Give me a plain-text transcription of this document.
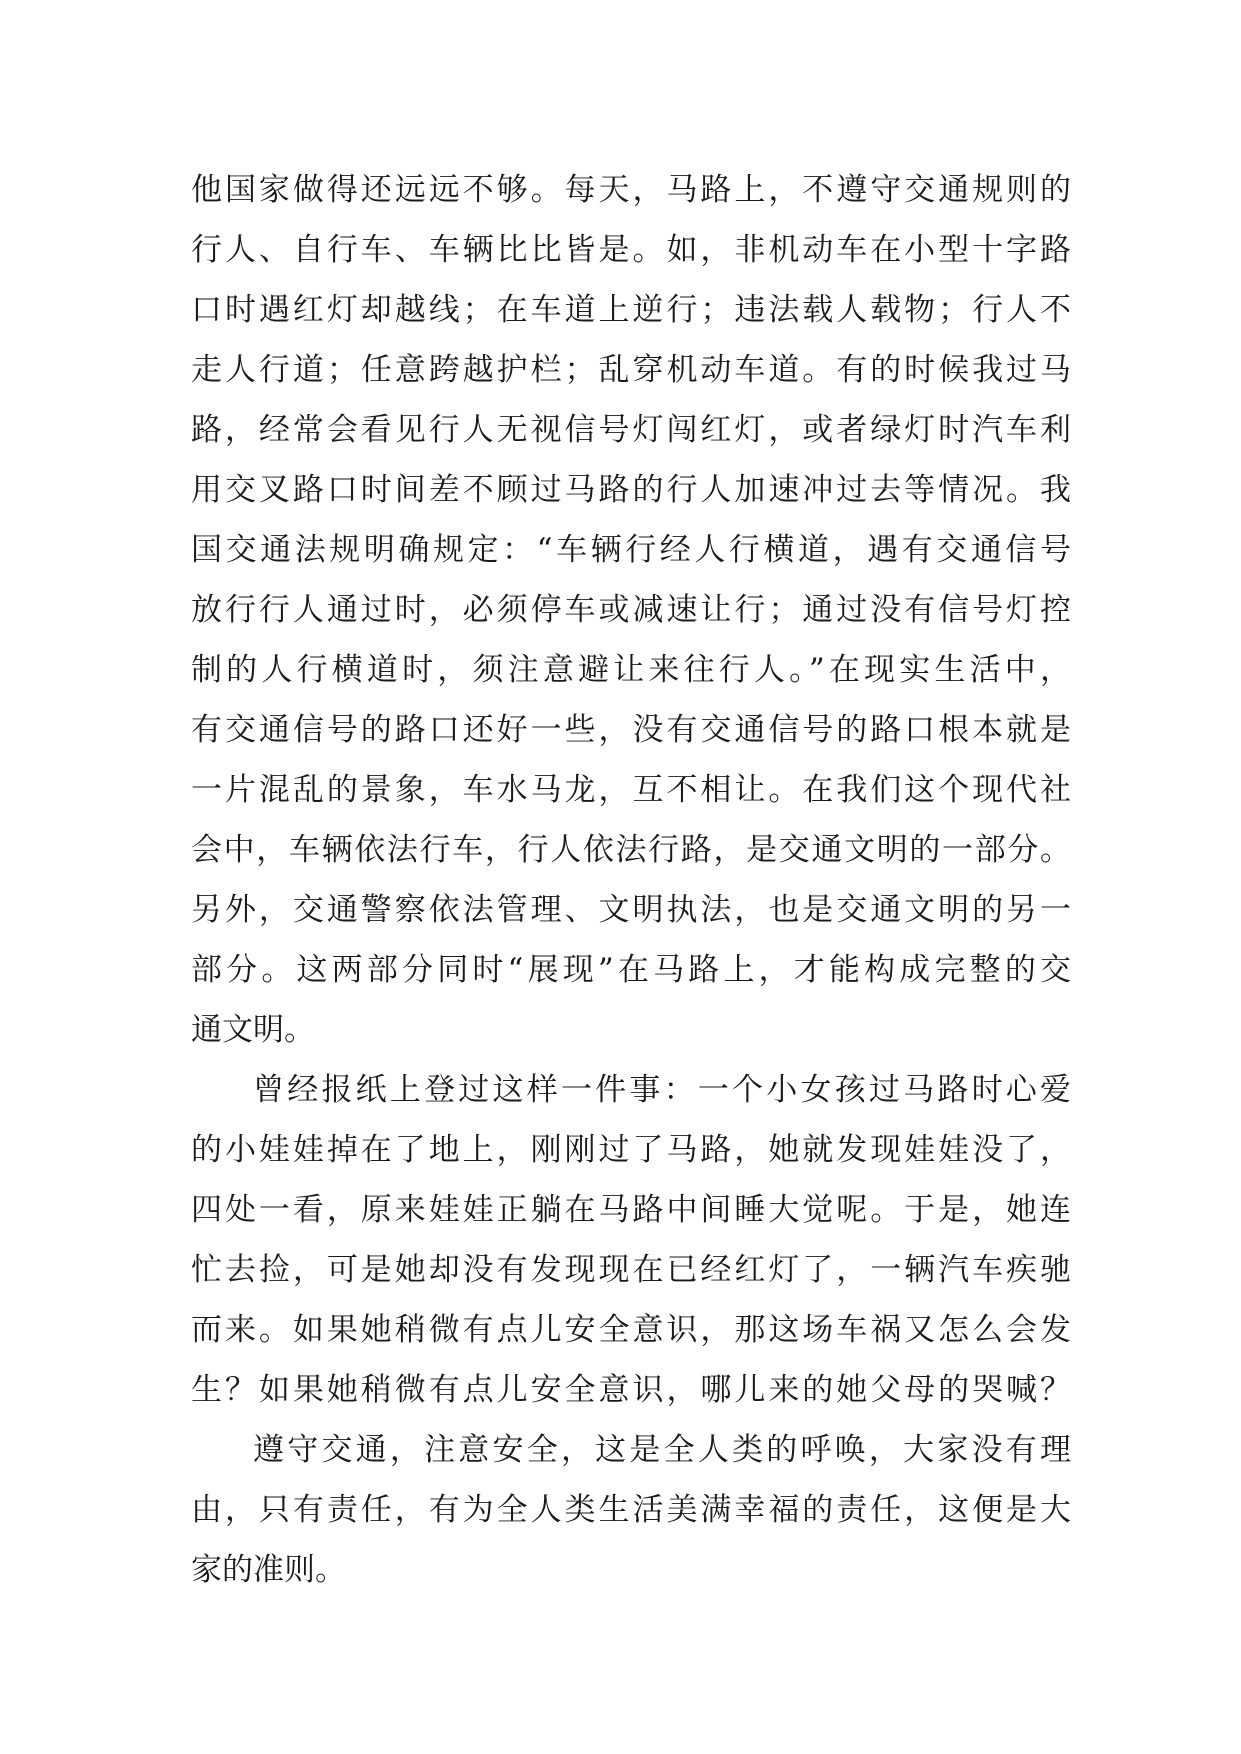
他国家做得还远远不够。每天，马路上，不遵守交通规则的
行人、自行车、车辆比比皆是。如，非机动车在小型十字路
口时遇红灯却越线；在车道上逆行；违法载人载物；行人不
走人行道；任意跨越护栏；乱穿机动车道。有的时候我过马
路，经常会看见行人无视信号灯闯红灯，或者绿灯时汽车利
用交叉路口时间差不顾过马路的行人加速冲过去等情况。我
国交通法规明确规定：“车辆行经人行横道，遇有交通信号
放行行人通过时，必须停车或减速让行；通过没有信号灯控
制的人行横道时，须注意避让来往行人。”在现实生活中，
有交通信号的路口还好一些，没有交通信号的路口根本就是
一片混乱的景象，车水马龙，互不相让。在我们这个现代社
会中，车辆依法行车，行人依法行路，是交通文明的一部分。
另外，交通警察依法管理、文明执法，也是交通文明的另一
部分。这两部分同时“展现”在马路上，才能构成完整的交
通文明。
曾经报纸上登过这样一件事：一个小女孩过马路时心爱
的小娃娃掉在了地上，刚刚过了马路，她就发现娃娃没了，
四处一看，原来娃娃正躺在马路中间睡大觉呢。于是，她连
忙去捡，可是她却没有发现现在已经红灯了，一辆汽车疾驰
而来。如果她稍微有点儿安全意识，那这场车祸又怎么会发
生？如果她稍微有点儿安全意识，哪儿来的她父母的哭喊？
遵守交通，注意安全，这是全人类的呼唤，大家没有理
由，只有责任，有为全人类生活美满幸福的责任，这便是大
家的准则。
